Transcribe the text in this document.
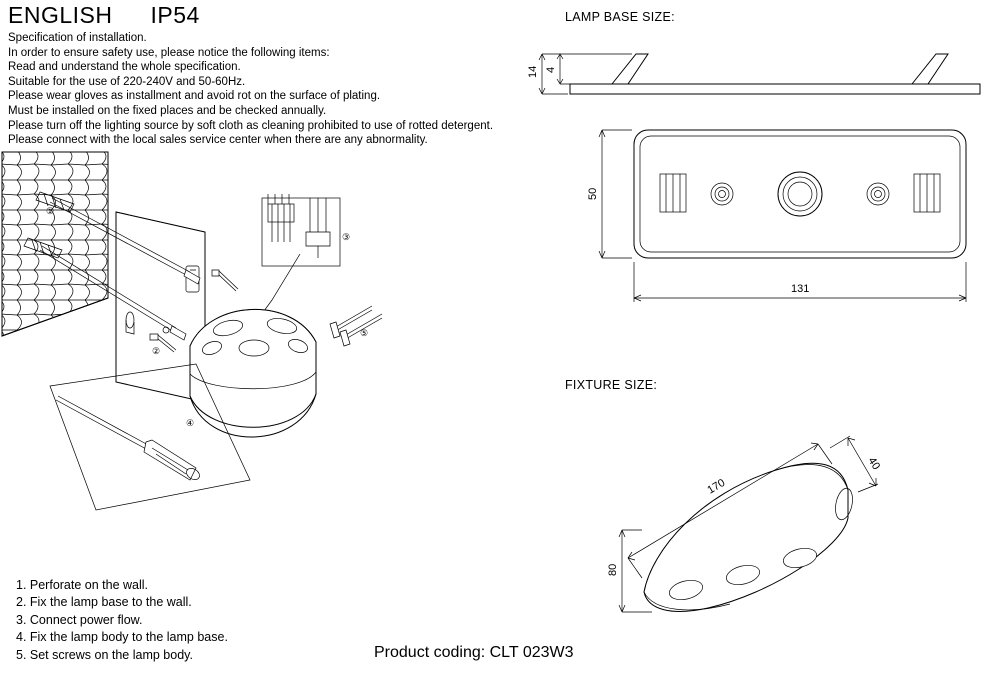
ENGLISH IP54
Specification of installation.
In order to ensure safety use, please notice the following items:
Read and understand the whole specification.
Suitable for the use of 220-240V and 50-60Hz.
Please wear gloves as installment and avoid rot on the surface of plating.
Must be installed on the fixed places and be checked annually.
Please turn off the lighting source by soft cloth as cleaning prohibited to use of rotted detergent.
Please connect with the local sales service center when there are any abnormality.
1. Perforate on the wall.
2. Fix the lamp base to the wall.
3. Connect power flow.
4. Fix the lamp body to the lamp base.
5. Set screws on the lamp body.
LAMP BASE SIZE:
FIXTURE SIZE:
Product coding: CLT 023W3
①
②
③
④
⑤
14 4
50
131
170
40
80
